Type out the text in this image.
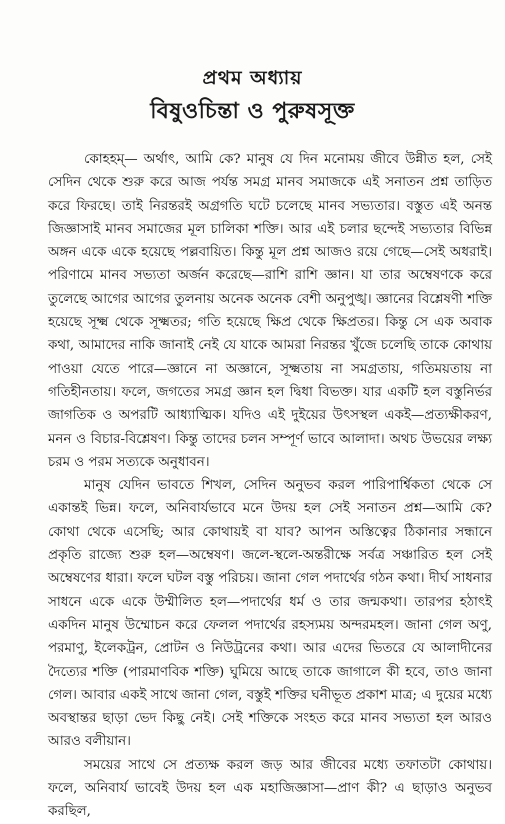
প্রথম অধ্যায়
বিষুওচিন্তা ও পুরুষসূক্ত

কোহহম্— অর্থাৎ, আমি কে? মানুষ যে দিন মনোময় জীবে উন্নীত হল, সেই সেদিন থেকে শুরু করে আজ পর্যন্ত সমগ্র মানব সমাজকে এই সনাতন প্রশ্ন তাড়িত করে ফিরছে। তাই নিরন্তরই অগ্রগতি ঘটে চলেছে মানব সভ্যতার। বস্তুত এই অনন্ত জিজ্ঞাসাই মানব সমাজের মূল চালিকা শক্তি। আর এই চলার ছন্দেই সভ্যতার বিভিন্ন অঙ্গন একে একে হয়েছে পল্লবায়িত। কিন্তু মূল প্রশ্ন আজও রয়ে গেছে—সেই অধরাই। পরিণামে মানব সভ্যতা অর্জন করেছে—রাশি রাশি জ্ঞান। যা তার অম্বেষণকে করে তুলেছে আগের আগের তুলনায় অনেক অনেক বেশী অনুপুঙ্খ। জ্ঞানের বিশ্লেষণী শক্তি হয়েছে সূক্ষ্ম থেকে সূক্ষ্মতর; গতি হয়েছে ক্ষিপ্র থেকে ক্ষিপ্রতর। কিন্তু সে এক অবাক কথা, আমাদের নাকি জানাই নেই যে যাকে আমরা নিরন্তর খুঁজে চলেছি তাকে কোথায় পাওয়া যেতে পারে—জ্ঞানে না অজ্ঞানে, সূক্ষ্মতায় না সমগ্রতায়, গতিময়তায় না গতিহীনতায়। ফলে, জগতের সমগ্র জ্ঞান হল দ্বিধা বিভক্ত। যার একটি হল বস্তুনির্ভর জাগতিক ও অপরটি আধ্যাত্মিক। যদিও এই দুইয়ের উৎসস্থল একই—প্রত্যক্ষীকরণ, মনন ও বিচার-বিশ্লেষণ। কিন্তু তাদের চলন সম্পূর্ণ ভাবে আলাদা। অথচ উভয়ের লক্ষ্য চরম ও পরম সত্যকে অনুধাবন।

মানুষ যেদিন ভাবতে শিখল, সেদিন অনুভব করল পারিপার্শ্বিকতা থেকে সে একান্তই ভিন্ন। ফলে, অনিবার্যভাবে মনে উদয় হল সেই সনাতন প্রশ্ন—আমি কে? কোথা থেকে এসেছি; আর কোথায়ই বা যাব? আপন অস্তিত্বের ঠিকানার সন্ধানে প্রকৃতি রাজ্যে শুরু হল—অম্বেষণ। জলে-স্থলে-অন্তরীক্ষে সর্বত্র সঞ্চারিত হল সেই অম্বেষণের ধারা। ফলে ঘটল বস্তু পরিচয়। জানা গেল পদার্থের গঠন কথা। দীর্ঘ সাধনার সাধনে একে একে উম্মীলিত হল—পদার্থের ধর্ম ও তার জন্মকথা। তারপর হঠাৎই একদিন মানুষ উম্মোচন করে ফেলল পদার্থের রহস্যময় অন্দরমহল। জানা গেল অণু, পরমাণু, ইলেকট্রন, প্রোটন ও নিউট্রনের কথা। আর এদের ভিতরে যে আলাদীনের দৈত্যের শক্তি (পারমাণবিক শক্তি) ঘুমিয়ে আছে তাকে জাগালে কী হবে, তাও জানা গেল। আবার একই সাথে জানা গেল, বস্তুই শক্তির ঘনীভূত প্রকাশ মাত্র; এ দুয়ের মধ্যে অবস্থান্তর ছাড়া ভেদ কিছু নেই। সেই শক্তিকে সংহত করে মানব সভ্যতা হল আরও আরও বলীয়ান।

সময়ের সাথে সে প্রত্যক্ষ করল জড় আর জীবের মধ্যে তফাতটা কোথায়। ফলে, অনিবার্য ভাবেই উদয় হল এক মহাজিজ্ঞাসা—প্রাণ কী? এ ছাড়াও অনুভব করছিল,
